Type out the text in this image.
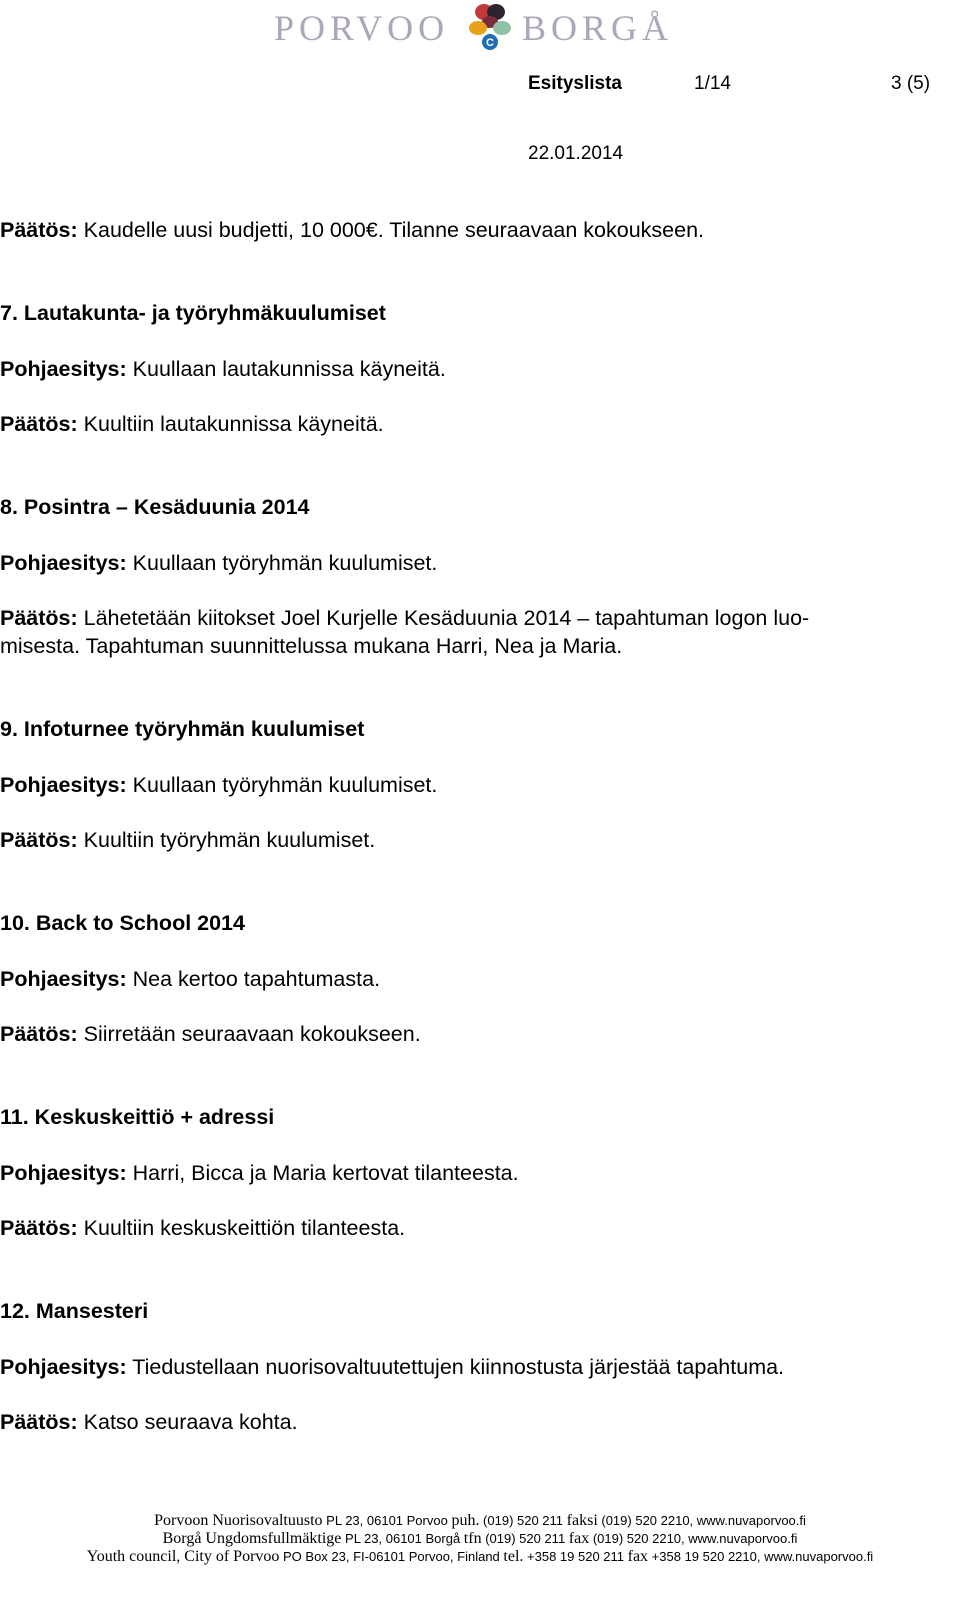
PORVOO	C BORGÅ
Esityslista	1/14	3 (5)
22.01.2014
Päätös: Kaudelle uusi budjetti, 10 000€. Tilanne seuraavaan kokoukseen.
7. Lautakunta- ja työryhmäkuulumiset
Pohjaesitys: Kuullaan lautakunnissa käyneitä.
Päätös: Kuultiin lautakunnissa käyneitä.
8. Posintra – Kesäduunia 2014
Pohjaesitys: Kuullaan työryhmän kuulumiset.
Päätös: Lähetetään kiitokset Joel Kurjelle Kesäduunia 2014 – tapahtuman logon luo-
misesta. Tapahtuman suunnittelussa mukana Harri, Nea ja Maria.
9. Infoturnee työryhmän kuulumiset
Pohjaesitys: Kuullaan työryhmän kuulumiset.
Päätös: Kuultiin työryhmän kuulumiset.
10. Back to School 2014
Pohjaesitys: Nea kertoo tapahtumasta.
Päätös: Siirretään seuraavaan kokoukseen.
11. Keskuskeittiö + adressi
Pohjaesitys: Harri, Bicca ja Maria kertovat tilanteesta.
Päätös: Kuultiin keskuskeittiön tilanteesta.
12. Mansesteri
Pohjaesitys: Tiedustellaan nuorisovaltuutettujen kiinnostusta järjestää tapahtuma.
Päätös: Katso seuraava kohta.
Porvoon Nuorisovaltuusto PL 23, 06101 Porvoo puh. (019) 520 211 faksi (019) 520 2210, www.nuvaporvoo.fi
Borgå Ungdomsfullmäktige PL 23, 06101 Borgå tfn (019) 520 211 fax (019) 520 2210, www.nuvaporvoo.fi
Youth council, City of Porvoo PO Box 23, FI-06101 Porvoo, Finland tel. +358 19 520 211 fax +358 19 520 2210, www.nuvaporvoo.fi
